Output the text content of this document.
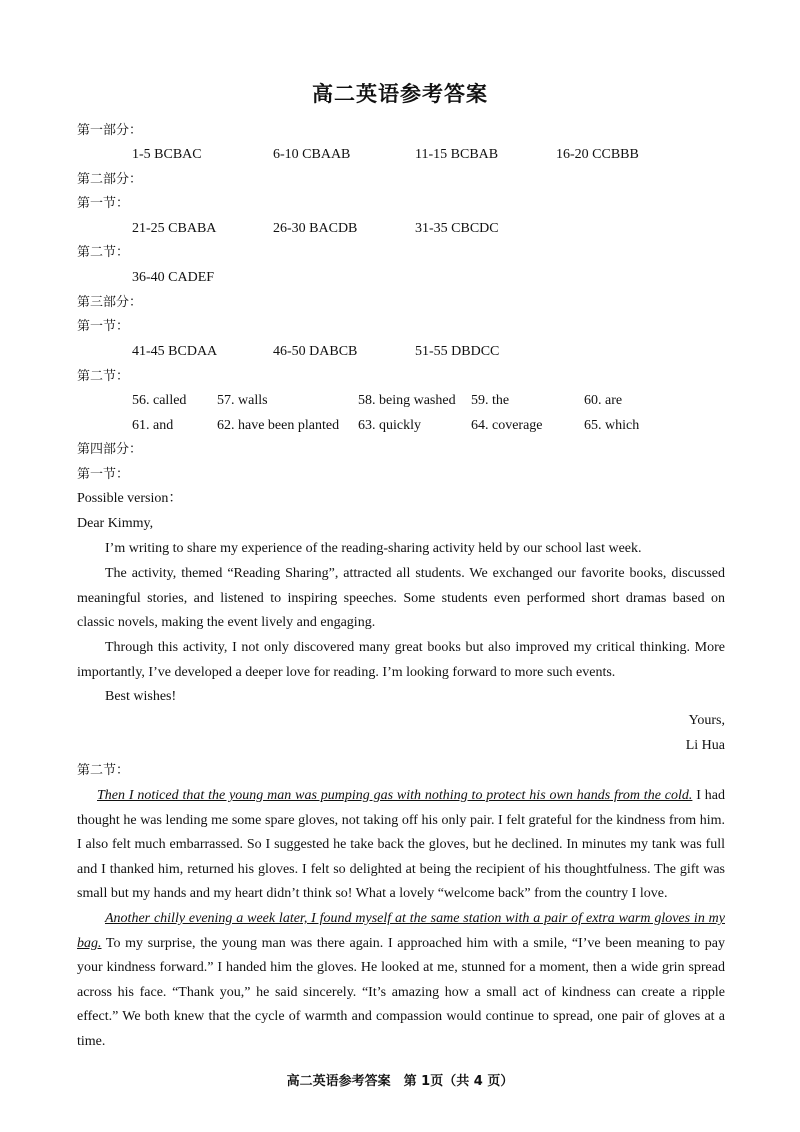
高二英语参考答案
第一部分：
1-5 BCBAC	6-10 CBAAB	11-15 BCBAB	16-20 CCBBB
第二部分：
第一节：
21-25 CBABA	26-30 BACDB	31-35 CBCDC
第二节：
36-40 CADEF
第三部分：
第一节：
41-45 BCDAA	46-50 DABCB	51-55 DBDCC
第二节：
56. called 57. walls	58. being washed 59. the	60. are
61. and	62. have been planted 63. quickly	64. coverage	65. which
第四部分：
第一节：
Possible version：
Dear Kimmy,
I’m writing to share my experience of the reading-sharing activity held by our school last week.
The activity, themed “Reading Sharing”, attracted all students. We exchanged our favorite books, discussed meaningful stories, and listened to inspiring speeches. Some students even performed short dramas based on classic novels, making the event lively and engaging.
Through this activity, I not only discovered many great books but also improved my critical thinking. More importantly, I’ve developed a deeper love for reading. I’m looking forward to more such events.
Best wishes!
Yours,
Li Hua
第二节：
Then I noticed that the young man was pumping gas with nothing to protect his own hands from the cold. I had thought he was lending me some spare gloves, not taking off his only pair. I felt grateful for the kindness from him. I also felt much embarrassed. So I suggested he take back the gloves, but he declined. In minutes my tank was full and I thanked him, returned his gloves. I felt so delighted at being the recipient of his thoughtfulness. The gift was small but my hands and my heart didn’t think so! What a lovely “welcome back” from the country I love.
Another chilly evening a week later, I found myself at the same station with a pair of extra warm gloves in my bag. To my surprise, the young man was there again. I approached him with a smile, “I’ve been meaning to pay your kindness forward.” I handed him the gloves. He looked at me, stunned for a moment, then a wide grin spread across his face. “Thank you,” he said sincerely. “It’s amazing how a small act of kindness can create a ripple effect.” We both knew that the cycle of warmth and compassion would continue to spread, one pair of gloves at a time.
高二英语参考答案　第 1页（共 4 页）
